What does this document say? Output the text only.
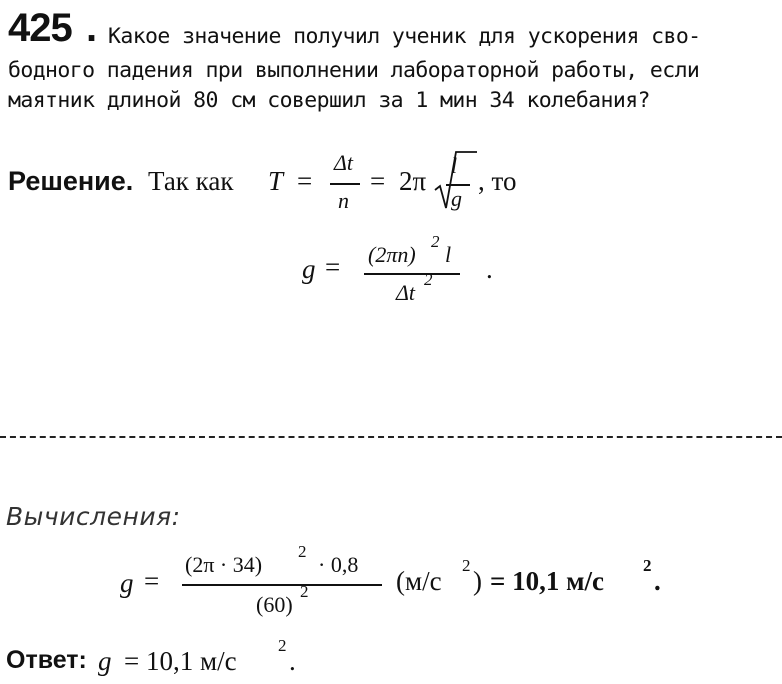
425 . Какое значение получил ученик для ускорения сво-
бодного падения при выполнении лабораторной работы, если
маятник длиной 80 см совершил за 1 мин 34 колебания?
Решение. Так как T =
Δt
n
= 2π
l
g
, то
g = (2πn)
2
l
Δt
2 .
Вычисления:
g =
(2π · 34)
2
· 0,8
(60)
2	(м/с
2
) = 10,1 м/с
2
.
Ответ: g = 10,1 м/с
2
.
